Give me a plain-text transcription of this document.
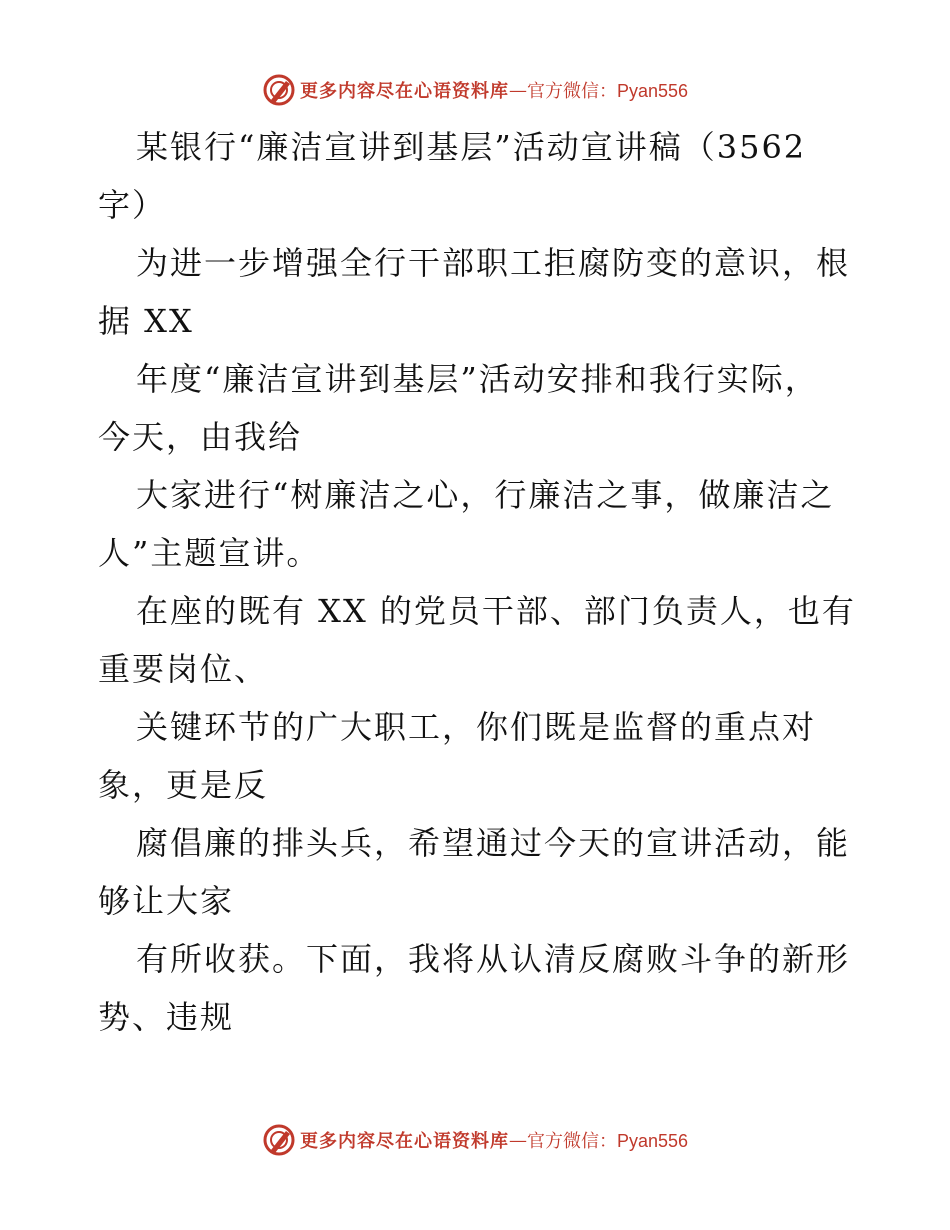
更多内容尽在心语资料库 — 官方微信：Pyan556
某银行“廉洁宣讲到基层”活动宣讲稿（3562
字）
为进一步增强全行干部职工拒腐防变的意识，根
据 XX
年度“廉洁宣讲到基层”活动安排和我行实际，
今天，由我给
大家进行“树廉洁之心，行廉洁之事，做廉洁之
人”主题宣讲。
在座的既有 XX 的党员干部、部门负责人，也有
重要岗位、
关键环节的广大职工，你们既是监督的重点对
象，更是反
腐倡廉的排头兵，希望通过今天的宣讲活动，能
够让大家
有所收获。下面，我将从认清反腐败斗争的新形
势、违规
更多内容尽在心语资料库 — 官方微信：Pyan556
